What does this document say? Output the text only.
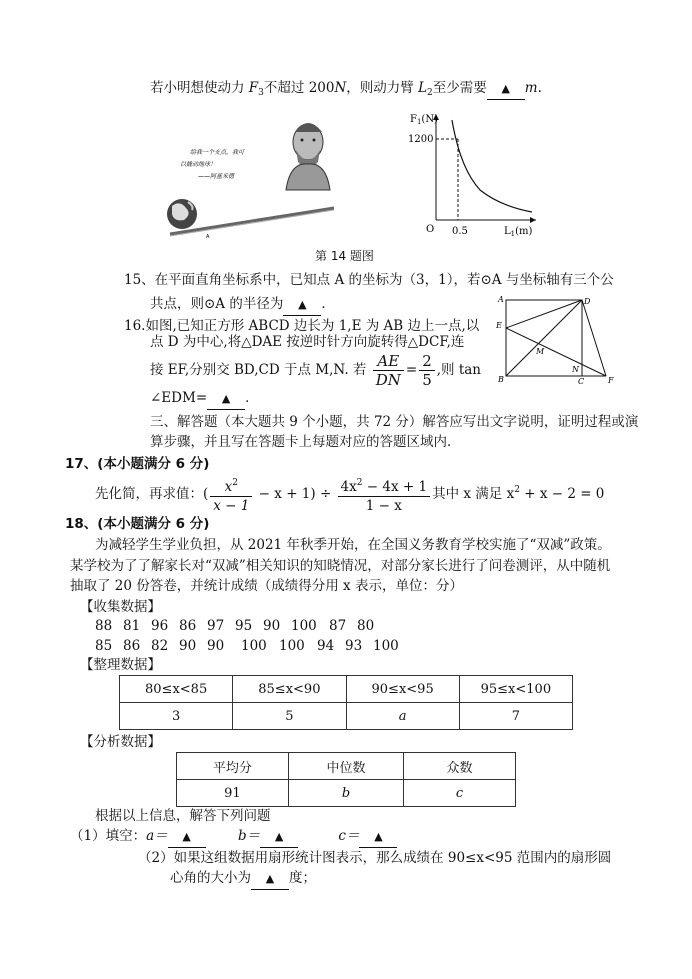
若小明想使动力 $F_3$不超过 200N，则动力臂 $L_2$至少需要 ▲ m.
给我一个支点，我可
以撬动地球！
——阿基米德
A
$F_1(N)$
1200
O 0.5	$L_1(m)$
第 14 题图
15、在平面直角坐标系中，已知点 A 的坐标为（3，1），若⊙A 与坐标轴有三个公
共点，则⊙A 的半径为 ▲ ．
16.如图,已知正方形 ABCD 边长为 1,E 为 AB 边上一点,以
点 D 为中心,将△DAE 按逆时针方向旋转得△DCF,连
接 EF,分别交 BD,CD 于点 M,N. 若 $\frac{AE}{DN} = \frac{2}{5}$ ,则 tan
∠EDM= ▲ ．
A	D
E
M
N
B	C	F
三、解答题（本大题共 9 个小题，共 72 分）解答应写出文字说明，证明过程或演
算步骤，并且写在答题卡上每题对应的答题区域内．
17、(本小题满分 6 分)
先化简，再求值：( $\frac{x^2}{x - 1} - x + 1) \div \frac{4x^2 - 4x + 1}{1 - x}$ 其中 x 满足 $x^2 + x - 2 = 0$
18、(本小题满分 6 分)
为减轻学生学业负担，从 2021 年秋季开始，在全国义务教育学校实施了“双减”政策。
某学校为了了解家长对“双减”相关知识的知晓情况，对部分家长进行了问卷测评，从中随机
抽取了 20 份答卷，并统计成绩（成绩得分用 x 表示，单位：分）
【收集数据】
88 81 96 86 97 95 90 100 87 80
85 86 82 90 90 100 100 94 93 100
【整理数据】
80≤x<85	85≤x<90	90≤x<95	95≤x<100
3	5	a	7
【分析数据】
平均分	中位数	众数
91	b	c
根据以上信息，解答下列问题
（1）填空：a＝ ▲	b＝ ▲	c＝ ▲
（2）如果这组数据用扇形统计图表示，那么成绩在 90≤x<95 范围内的扇形圆
心角的大小为 ▲ 度；
